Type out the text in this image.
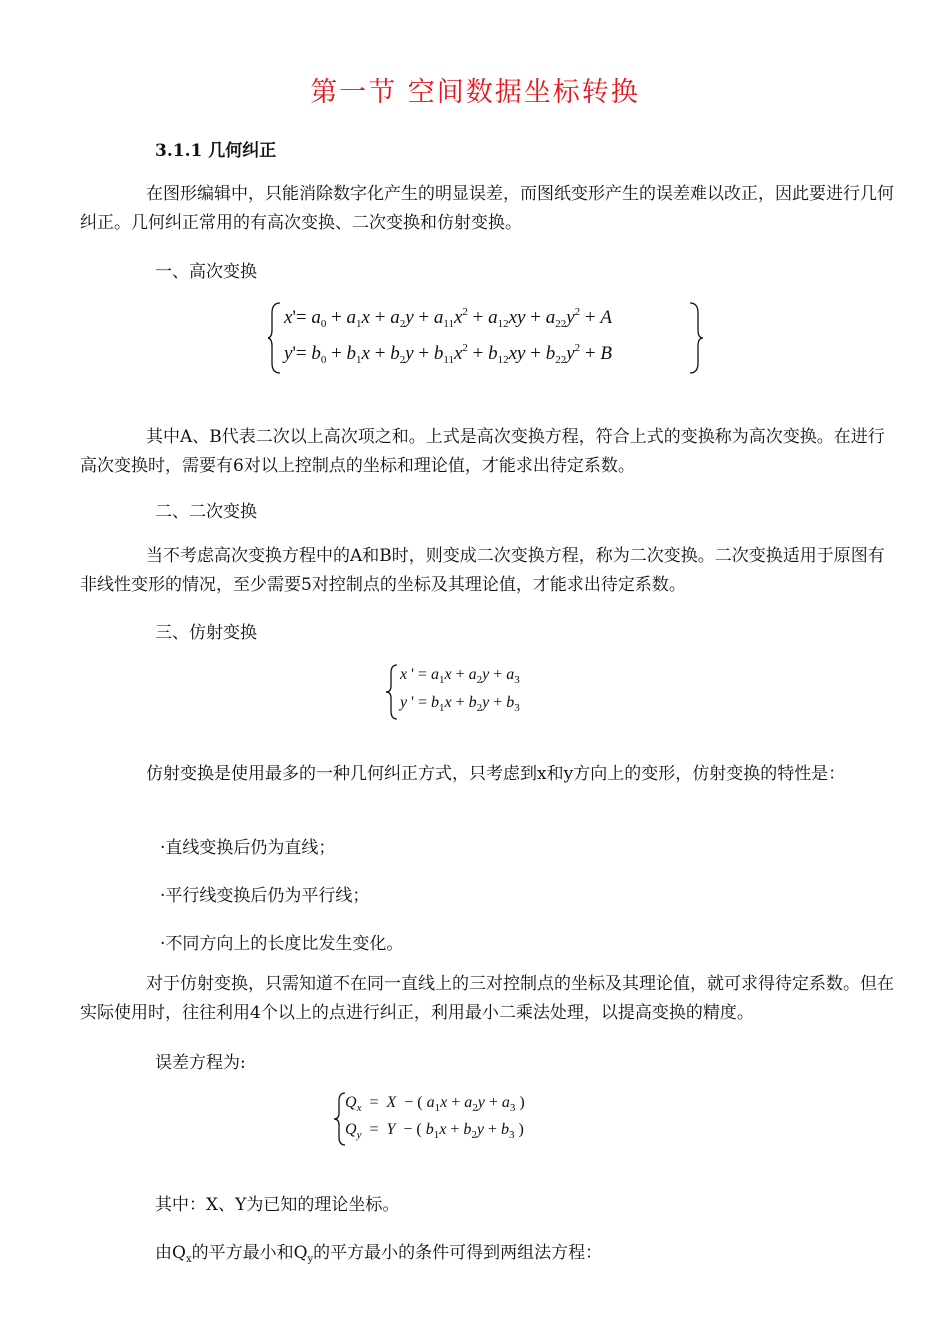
第一节 空间数据坐标转换
3.1.1 几何纠正

在图形编辑中，只能消除数字化产生的明显误差，而图纸变形产生的误差难以改正，因此要进行几何纠正。几何纠正常用的有高次变换、二次变换和仿射变换。

一、高次变换
$x'= a_0 + a_1x + a_2y + a_{11}x^2 + a_{12}xy + a_{22}y^2 + A$
$y'= b_0 + b_1x + b_2y + b_{11}x^2 + b_{12}xy + b_{22}y^2 + B$

其中A、B代表二次以上高次项之和。上式是高次变换方程，符合上式的变换称为高次变换。在进行高次变换时，需要有6对以上控制点的坐标和理论值，才能求出待定系数。

二、二次变换

当不考虑高次变换方程中的A和B时，则变成二次变换方程，称为二次变换。二次变换适用于原图有非线性变形的情况，至少需要5对控制点的坐标及其理论值，才能求出待定系数。

三、仿射变换
x ' = $a_1x + a_2y + a_3$
y ' = $b_1x + b_2y + b_3$

仿射变换是使用最多的一种几何纠正方式，只考虑到x和y方向上的变形，仿射变换的特性是：

·直线变换后仍为直线；
·平行线变换后仍为平行线；
·不同方向上的长度比发生变化。

对于仿射变换，只需知道不在同一直线上的三对控制点的坐标及其理论值，就可求得待定系数。但在实际使用时，往往利用4个以上的点进行纠正，利用最小二乘法处理，以提高变换的精度。

误差方程为:
$Q_x = X$  − ( $a_1x + a_2y + a_3$ )
$Q_y = Y$  − ( $b_1x + b_2y + b_3$ )
其中：X、Y为已知的理论坐标。
由$Q_x$的平方最小和$Q_y$的平方最小的条件可得到两组法方程：
